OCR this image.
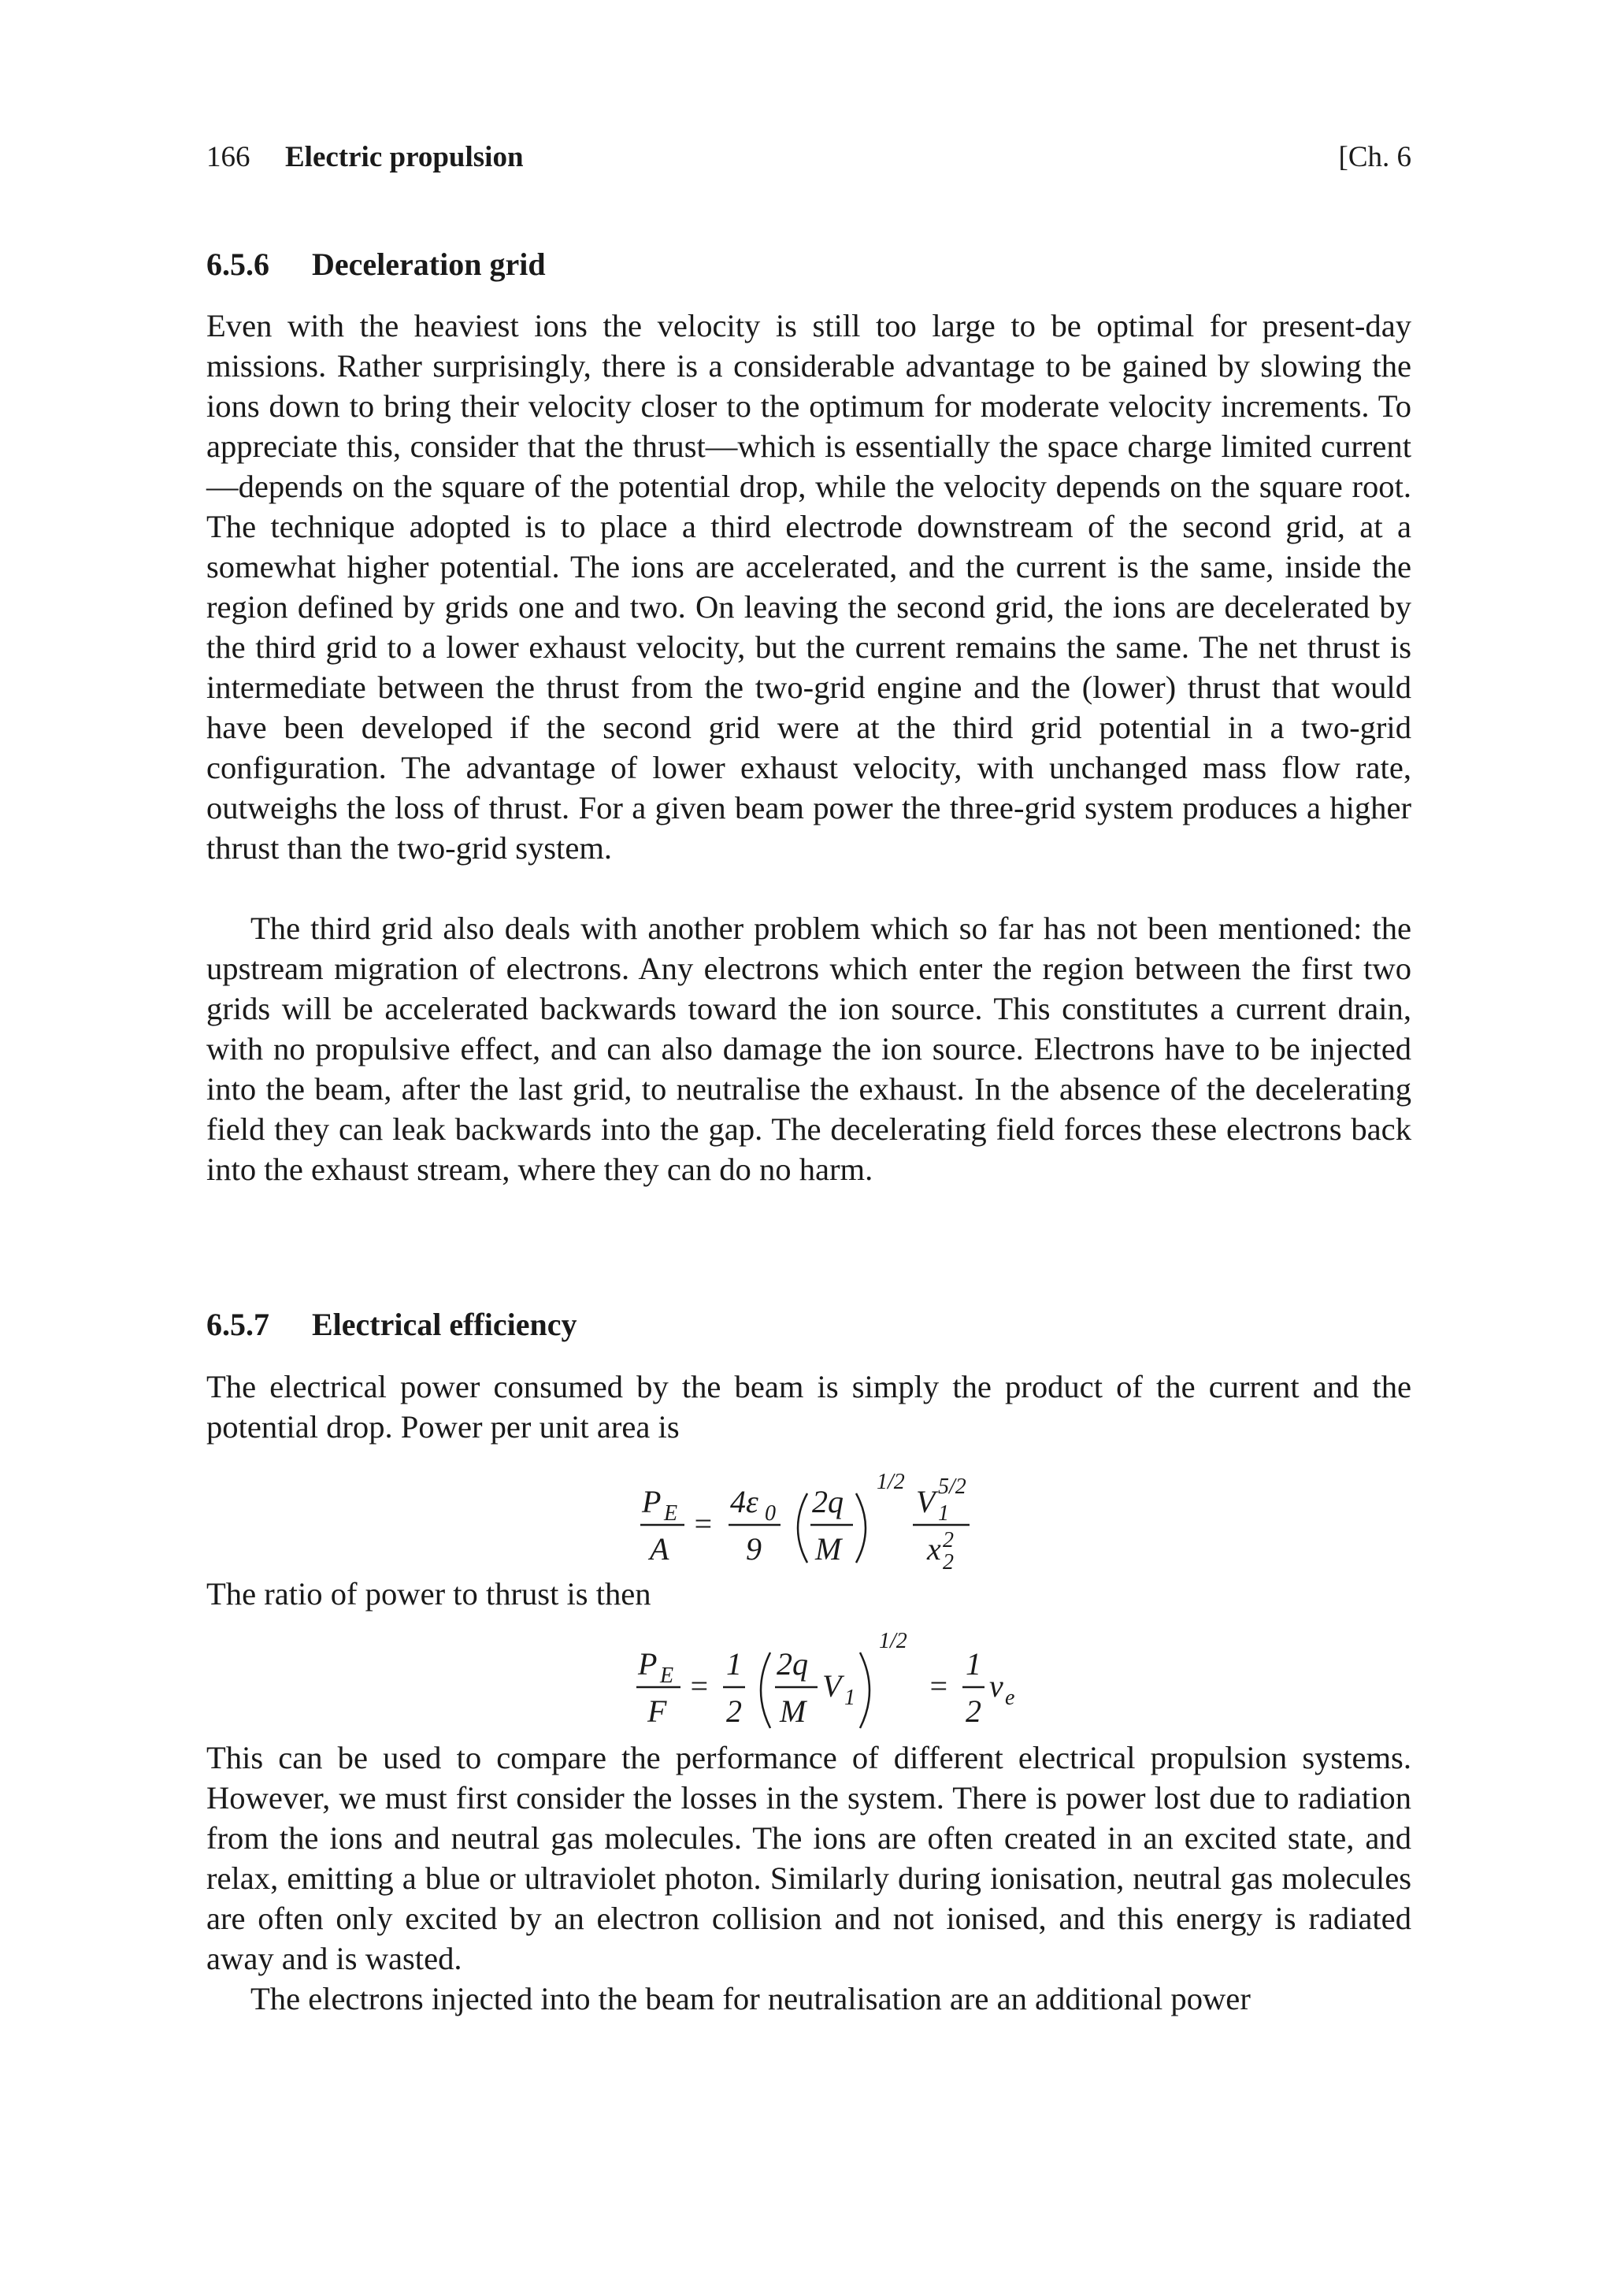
166 Electric propulsion	[Ch. 6
6.5.6 Deceleration grid

Even with the heaviest ions the velocity is still too large to be optimal for present-day missions. Rather surprisingly, there is a considerable advantage to be gained by slowing the ions down to bring their velocity closer to the optimum for moderate velocity increments. To appreciate this, consider that the thrust—which is essentially the space charge limited current—depends on the square of the potential drop, while the velocity depends on the square root. The technique adopted is to place a third electrode downstream of the second grid, at a somewhat higher potential. The ions are accelerated, and the current is the same, inside the region defined by grids one and two. On leaving the second grid, the ions are decelerated by the third grid to a lower exhaust velocity, but the current remains the same. The net thrust is intermediate between the thrust from the two-grid engine and the (lower) thrust that would have been developed if the second grid were at the third grid potential in a two-grid configuration. The advantage of lower exhaust velocity, with unchanged mass flow rate, outweighs the loss of thrust. For a given beam power the three-grid system produces a higher thrust than the two-grid system.

The third grid also deals with another problem which so far has not been mentioned: the upstream migration of electrons. Any electrons which enter the region between the first two grids will be accelerated backwards toward the ion source. This constitutes a current drain, with no propulsive effect, and can also damage the ion source. Electrons have to be injected into the beam, after the last grid, to neutralise the exhaust. In the absence of the decelerating field they can leak backwards into the gap. The decelerating field forces these electrons back into the exhaust stream, where they can do no harm.

6.5.7 Electrical efficiency

The electrical power consumed by the beam is simply the product of the current and the potential drop. Power per unit area is

P E
A
=
4ε 0
9
2q
M
1/2
V 1
5/2
x 2
2
The ratio of power to thrust is then
P E
F
=
1
2
2q
M
V 1
1/2
=
1
2
v e

This can be used to compare the performance of different electrical propulsion systems. However, we must first consider the losses in the system. There is power lost due to radiation from the ions and neutral gas molecules. The ions are often created in an excited state, and relax, emitting a blue or ultraviolet photon. Similarly during ionisation, neutral gas molecules are often only excited by an electron collision and not ionised, and this energy is radiated away and is wasted.

The electrons injected into the beam for neutralisation are an additional power
